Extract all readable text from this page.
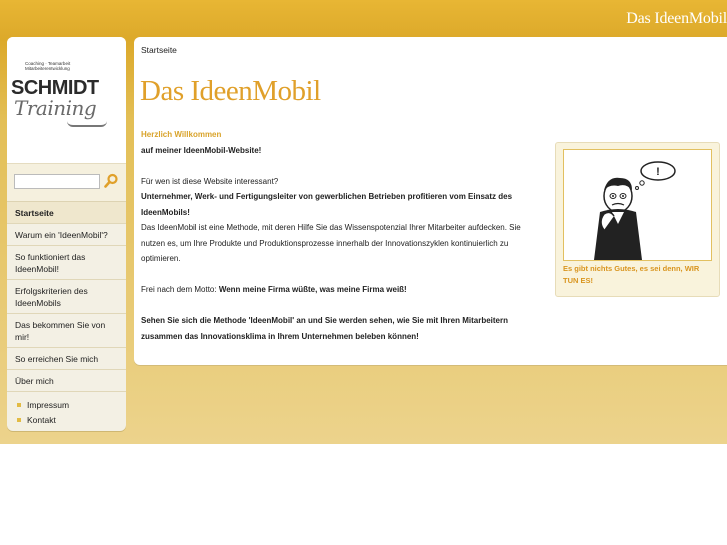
Das IdeenMobil
Coaching · Teamarbeit
Mitarbeiterentwicklung
SCHMIDT
Training
Startseite
Warum ein 'IdeenMobil'?
So funktioniert das IdeenMobil!
Erfolgskriterien des IdeenMobils
Das bekommen Sie von mir!
So erreichen Sie mich
Über mich
Impressum
Kontakt
Startseite
Das IdeenMobil
Herzlich Willkommen
auf meiner IdeenMobil-Website!

Für wen ist diese Website interessant?
Unternehmer, Werk- und Fertigungsleiter von gewerblichen Betrieben profitieren vom Einsatz des IdeenMobils!
Das IdeenMobil ist eine Methode, mit deren Hilfe Sie das Wissenspotenzial Ihrer Mitarbeiter aufdecken. Sie nutzen es, um Ihre Produkte und Produktionsprozesse innerhalb der Innovationszyklen kontinuierlich zu optimieren.

Frei nach dem Motto: Wenn meine Firma wüßte, was meine Firma weiß!

Sehen Sie sich die Methode 'IdeenMobil' an und Sie werden sehen, wie Sie mit Ihren Mitarbeitern zusammen das Innovationsklima in Ihrem Unternehmen beleben können!
!
Es gibt nichts Gutes, es sei denn, WIR TUN ES!
